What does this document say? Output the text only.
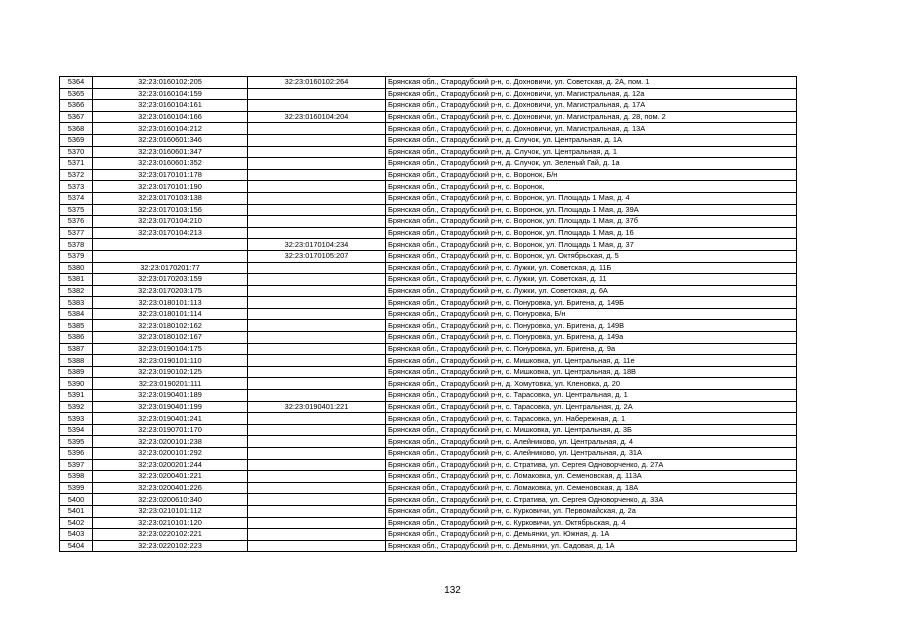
5364	32:23:0160102:205	32:23:0160102:264	Брянская обл., Стародубский р-н, с. Дохновичи, ул. Советская, д. 2А, пом. 1
5365	32:23:0160104:159		Брянская обл., Стародубский р-н, с. Дохновичи, ул. Магистральная, д. 12а
5366	32:23:0160104:161		Брянская обл., Стародубский р-н, с. Дохновичи, ул. Магистральная, д. 17А
5367	32:23:0160104:166	32:23:0160104:204	Брянская обл., Стародубский р-н, с. Дохновичи, ул. Магистральная, д. 28, пом. 2
5368	32:23:0160104:212		Брянская обл., Стародубский р-н, с. Дохновичи, ул. Магистральная, д. 13А
5369	32:23:0160601:346		Брянская обл., Стародубский р-н, д. Случок, ул. Центральная, д. 1А
5370	32:23:0160601:347		Брянская обл., Стародубский р-н, д. Случок, ул. Центральная, д. 1
5371	32:23:0160601:352		Брянская обл., Стародубский р-н, д. Случок, ул. Зеленый Гай, д. 1а
5372	32:23:0170101:178		Брянская обл., Стародубский р-н, с. Воронок, Б/н
5373	32:23:0170101:190		Брянская обл., Стародубский р-н, с. Воронок,
5374	32:23:0170103:138		Брянская обл., Стародубский р-н, с. Воронок, ул. Площадь 1 Мая, д. 4
5375	32:23:0170103:156		Брянская обл., Стародубский р-н, с. Воронок, ул. Площадь 1 Мая, д. 39А
5376	32:23:0170104:210		Брянская обл., Стародубский р-н, с. Воронок, ул. Площадь 1 Мая, д. 37б
5377	32:23:0170104:213		Брянская обл., Стародубский р-н, с. Воронок, ул. Площадь 1 Мая, д. 16
5378		32:23:0170104:234	Брянская обл., Стародубский р-н, с. Воронок, ул. Площадь 1 Мая, д. 37
5379		32:23:0170105:207	Брянская обл., Стародубский р-н, с. Воронок, ул. Октябрьская, д. 5
5380	32:23:0170201:77		Брянская обл., Стародубский р-н, с. Лужки, ул. Советская, д. 11Б
5381	32:23:0170203:159		Брянская обл., Стародубский р-н, с. Лужки, ул. Советская, д. 11
5382	32:23:0170203:175		Брянская обл., Стародубский р-н, с. Лужки, ул. Советская, д. 6А
5383	32:23:0180101:113		Брянская обл., Стародубский р-н, с. Понуровка, ул. Бригена, д. 149Б
5384	32:23:0180101:114		Брянская обл., Стародубский р-н, с. Понуровка, Б/н
5385	32:23:0180102:162		Брянская обл., Стародубский р-н, с. Понуровка, ул. Бригена, д. 149В
5386	32:23:0180102:167		Брянская обл., Стародубский р-н, с. Понуровка, ул. Бригена, д. 149а
5387	32:23:0190104:175		Брянская обл., Стародубский р-н, с. Понуровка, ул. Бригена, д. 9а
5388	32:23:0190101:110		Брянская обл., Стародубский р-н, с. Мишковка, ул. Центральная, д. 11е
5389	32:23:0190102:125		Брянская обл., Стародубский р-н, с. Мишковка, ул. Центральная, д. 18В
5390	32:23:0190201:111		Брянская обл., Стародубский р-н, д. Хомутовка, ул. Кленовка, д. 20
5391	32:23:0190401:189		Брянская обл., Стародубский р-н, с. Тарасовка, ул. Центральная, д. 1
5392	32:23:0190401:199	32:23:0190401:221	Брянская обл., Стародубский р-н, с. Тарасовка, ул. Центральная, д. 2А
5393	32:23:0190401:241		Брянская обл., Стародубский р-н, с. Тарасовка, ул. Набережная, д. 1
5394	32:23:0190701:170		Брянская обл., Стародубский р-н, с. Мишковка, ул. Центральная, д. 3Б
5395	32:23:0200101:238		Брянская обл., Стародубский р-н, с. Алейниково, ул. Центральная, д. 4
5396	32:23:0200101:292		Брянская обл., Стародубский р-н, с. Алейниково, ул. Центральная, д. 31А
5397	32:23:0200201:244		Брянская обл., Стародубский р-н, с. Стратива, ул. Сергея Одноворченко, д. 27А
5398	32:23:0200401:221		Брянская обл., Стародубский р-н, с. Ломаковка, ул. Семеновская, д. 113А
5399	32:23:0200401:226		Брянская обл., Стародубский р-н, с. Ломаковка, ул. Семеновская, д. 18А
5400	32:23:0200610:340		Брянская обл., Стародубский р-н, с. Стратива, ул. Сергея Одноворченко, д. 33А
5401	32:23:0210101:112		Брянская обл., Стародубский р-н, с. Курковичи, ул. Первомайская, д. 2а
5402	32:23:0210101:120		Брянская обл., Стародубский р-н, с. Курковичи, ул. Октябрьская, д. 4
5403	32:23:0220102:221		Брянская обл., Стародубский р-н, с. Демьянки, ул. Южная, д. 1А
5404	32:23:0220102:223		Брянская обл., Стародубский р-н, с. Демьянки, ул. Садовая, д. 1А
132
